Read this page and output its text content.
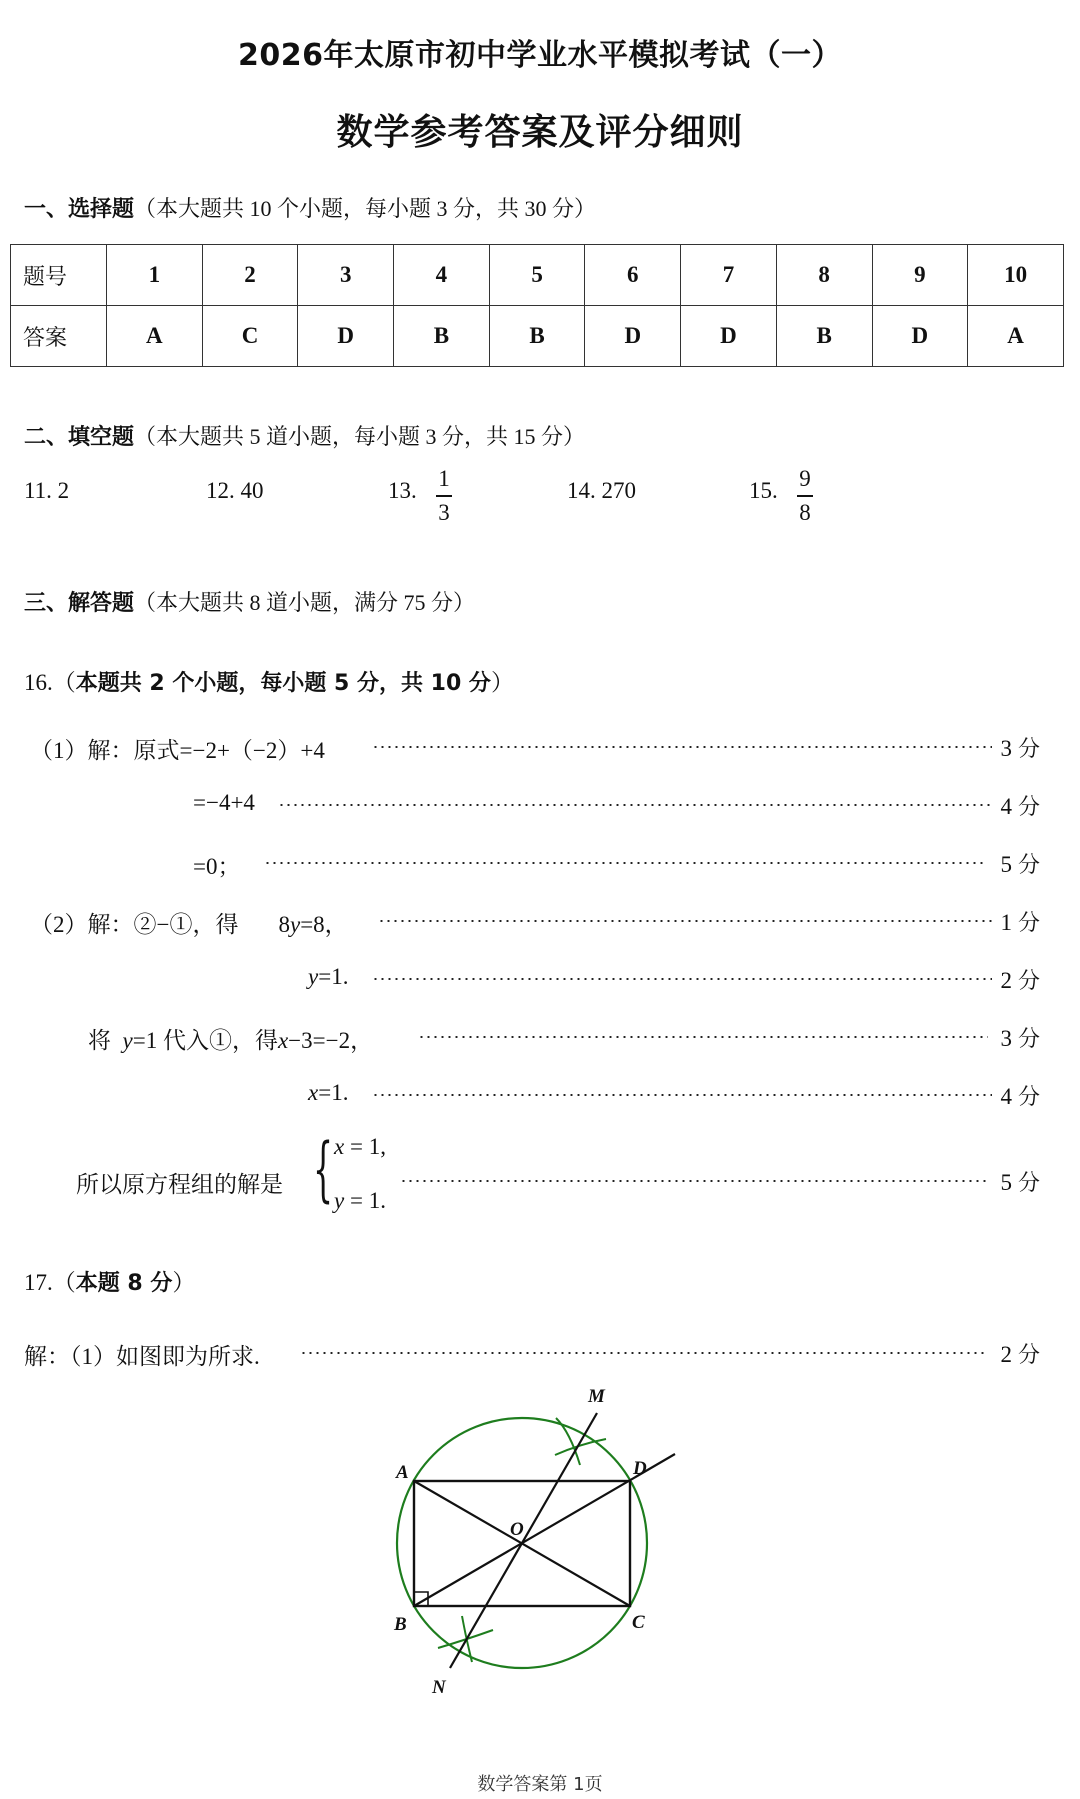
2026年太原市初中学业水平模拟考试（一）
数学参考答案及评分细则
一、选择题（本大题共 10 个小题，每小题 3 分，共 30 分）
题号	1	2	3	4	5	6	7	8	9	10
答案	A	C	D	B	B	D	D	B	D	A
二、填空题（本大题共 5 道小题，每小题 3 分，共 15 分）
11. 2	12. 40	13. 1
3
14. 270	15. 9
8
三、解答题（本大题共 8 道小题，满分 75 分）
16.（本题共 2 个小题，每小题 5 分，共 10 分）
（1）解：原式=−2+（−2）+4	3 分
=−4+4	4 分
=0；	5 分
（2）解：②−①，得 8y=8，	1 分
y=1.	2 分
将 y=1 代入①，得x−3=−2，	3 分
x=1.	4 分
所以原方程组的解是 { x = 1,
y = 1.
5 分
17.（本题 8 分）
解：（1）如图即为所求.	2 分
A	D
C
B
O
M
N
数学答案第 1页
